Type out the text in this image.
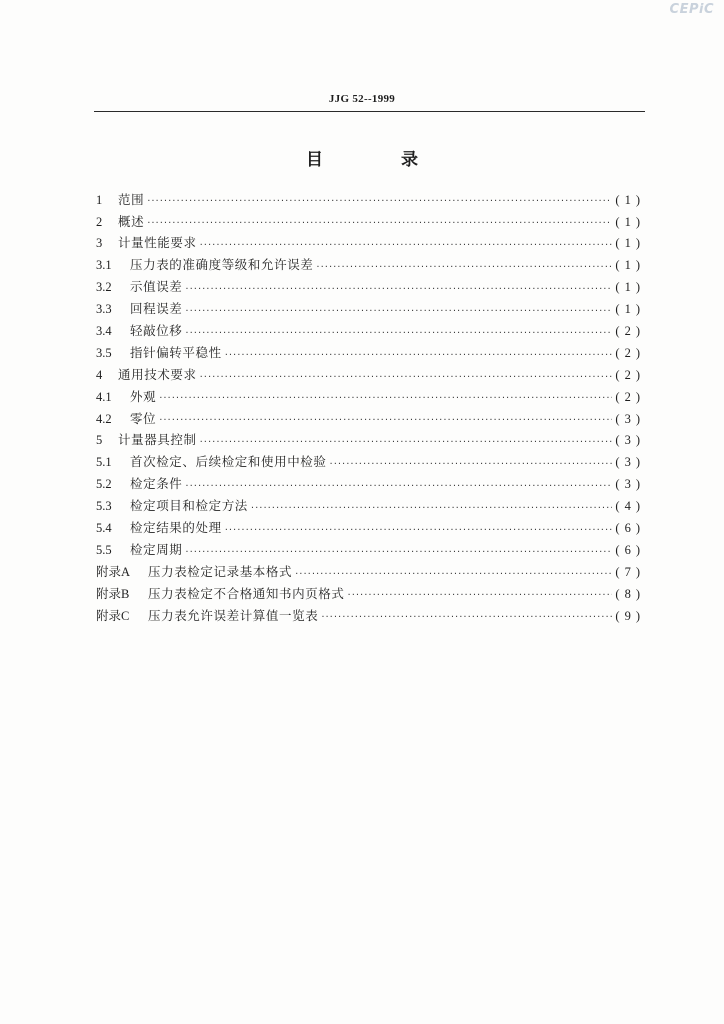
CEPiC
JJG 52--1999
目 录
1	范围 ·····	(1)
2	概述 ·····	(1)
3	计量性能要求 ·····	(1)
3.1	压力表的准确度等级和允许误差 ·····	(1)
3.2	示值误差 ·····	(1)
3.3	回程误差 ·····	(1)
3.4	轻敲位移 ·····	(2)
3.5	指针偏转平稳性 ·····	(2)
4	通用技术要求 ·····	(2)
4.1	外观 ·····	(2)
4.2	零位 ·····	(3)
5	计量器具控制 ·····	(3)
5.1	首次检定、后续检定和使用中检验 ·····	(3)
5.2	检定条件 ·····	(3)
5.3	检定项目和检定方法 ·····	(4)
5.4	检定结果的处理 ·····	(6)
5.5	检定周期 ·····	(6)
附录A	压力表检定记录基本格式 ·····	(7)
附录B	压力表检定不合格通知书内页格式 ·····	(8)
附录C	压力表允许误差计算值一览表 ·····	(9)
